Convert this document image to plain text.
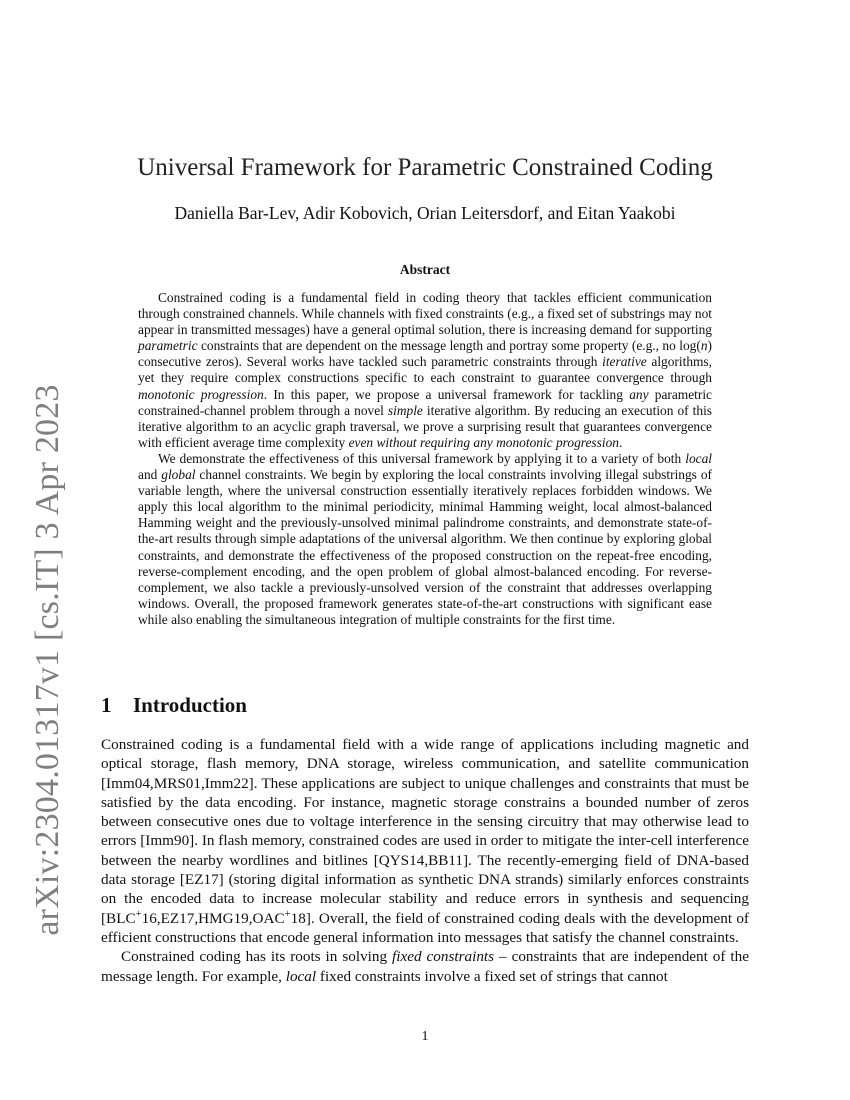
arXiv:2304.01317v1 [cs.IT] 3 Apr 2023
Universal Framework for Parametric Constrained Coding
Daniella Bar-Lev, Adir Kobovich, Orian Leitersdorf, and Eitan Yaakobi
Abstract

Constrained coding is a fundamental field in coding theory that tackles efficient communication through constrained channels. While channels with fixed constraints (e.g., a fixed set of substrings may not appear in transmitted messages) have a general optimal solution, there is increasing demand for supporting parametric constraints that are dependent on the message length and portray some property (e.g., no log(n) consecutive zeros). Several works have tackled such parametric constraints through iterative algorithms, yet they require complex constructions specific to each constraint to guarantee convergence through monotonic progression. In this paper, we propose a universal framework for tackling any parametric constrained-channel problem through a novel simple iterative algorithm. By reducing an execution of this iterative algorithm to an acyclic graph traversal, we prove a surprising result that guarantees convergence with efficient average time complexity even without requiring any monotonic progression.

We demonstrate the effectiveness of this universal framework by applying it to a variety of both local and global channel constraints. We begin by exploring the local constraints involving illegal substrings of variable length, where the universal construction essentially iteratively replaces forbidden windows. We apply this local algorithm to the minimal periodicity, minimal Hamming weight, local almost-balanced Hamming weight and the previously-unsolved minimal palindrome constraints, and demonstrate state-of-the-art results through simple adaptations of the universal algorithm. We then continue by exploring global constraints, and demonstrate the effectiveness of the proposed construction on the repeat-free encoding, reverse-complement encoding, and the open problem of global almost-balanced encoding. For reverse-complement, we also tackle a previously-unsolved version of the constraint that addresses overlapping windows. Overall, the proposed framework generates state-of-the-art constructions with significant ease while also enabling the simultaneous integration of multiple constraints for the first time.

1 Introduction

Constrained coding is a fundamental field with a wide range of applications including magnetic and optical storage, flash memory, DNA storage, wireless communication, and satellite communication [Imm04,MRS01,Imm22]. These applications are subject to unique challenges and constraints that must be satisfied by the data encoding. For instance, magnetic storage constrains a bounded number of zeros between consecutive ones due to voltage interference in the sensing circuitry that may otherwise lead to errors [Imm90]. In flash memory, constrained codes are used in order to mitigate the inter-cell interference between the nearby wordlines and bitlines [QYS14,BB11]. The recently-emerging field of DNA-based data storage [EZ17] (storing digital information as synthetic DNA strands) similarly enforces constraints on the encoded data to increase molecular stability and reduce errors in synthesis and sequencing [BLC+16,EZ17,HMG19,OAC+18]. Overall, the field of constrained coding deals with the development of efficient constructions that encode general information into messages that satisfy the channel constraints.

Constrained coding has its roots in solving fixed constraints – constraints that are independent of the message length. For example, local fixed constraints involve a fixed set of strings that cannot

1
